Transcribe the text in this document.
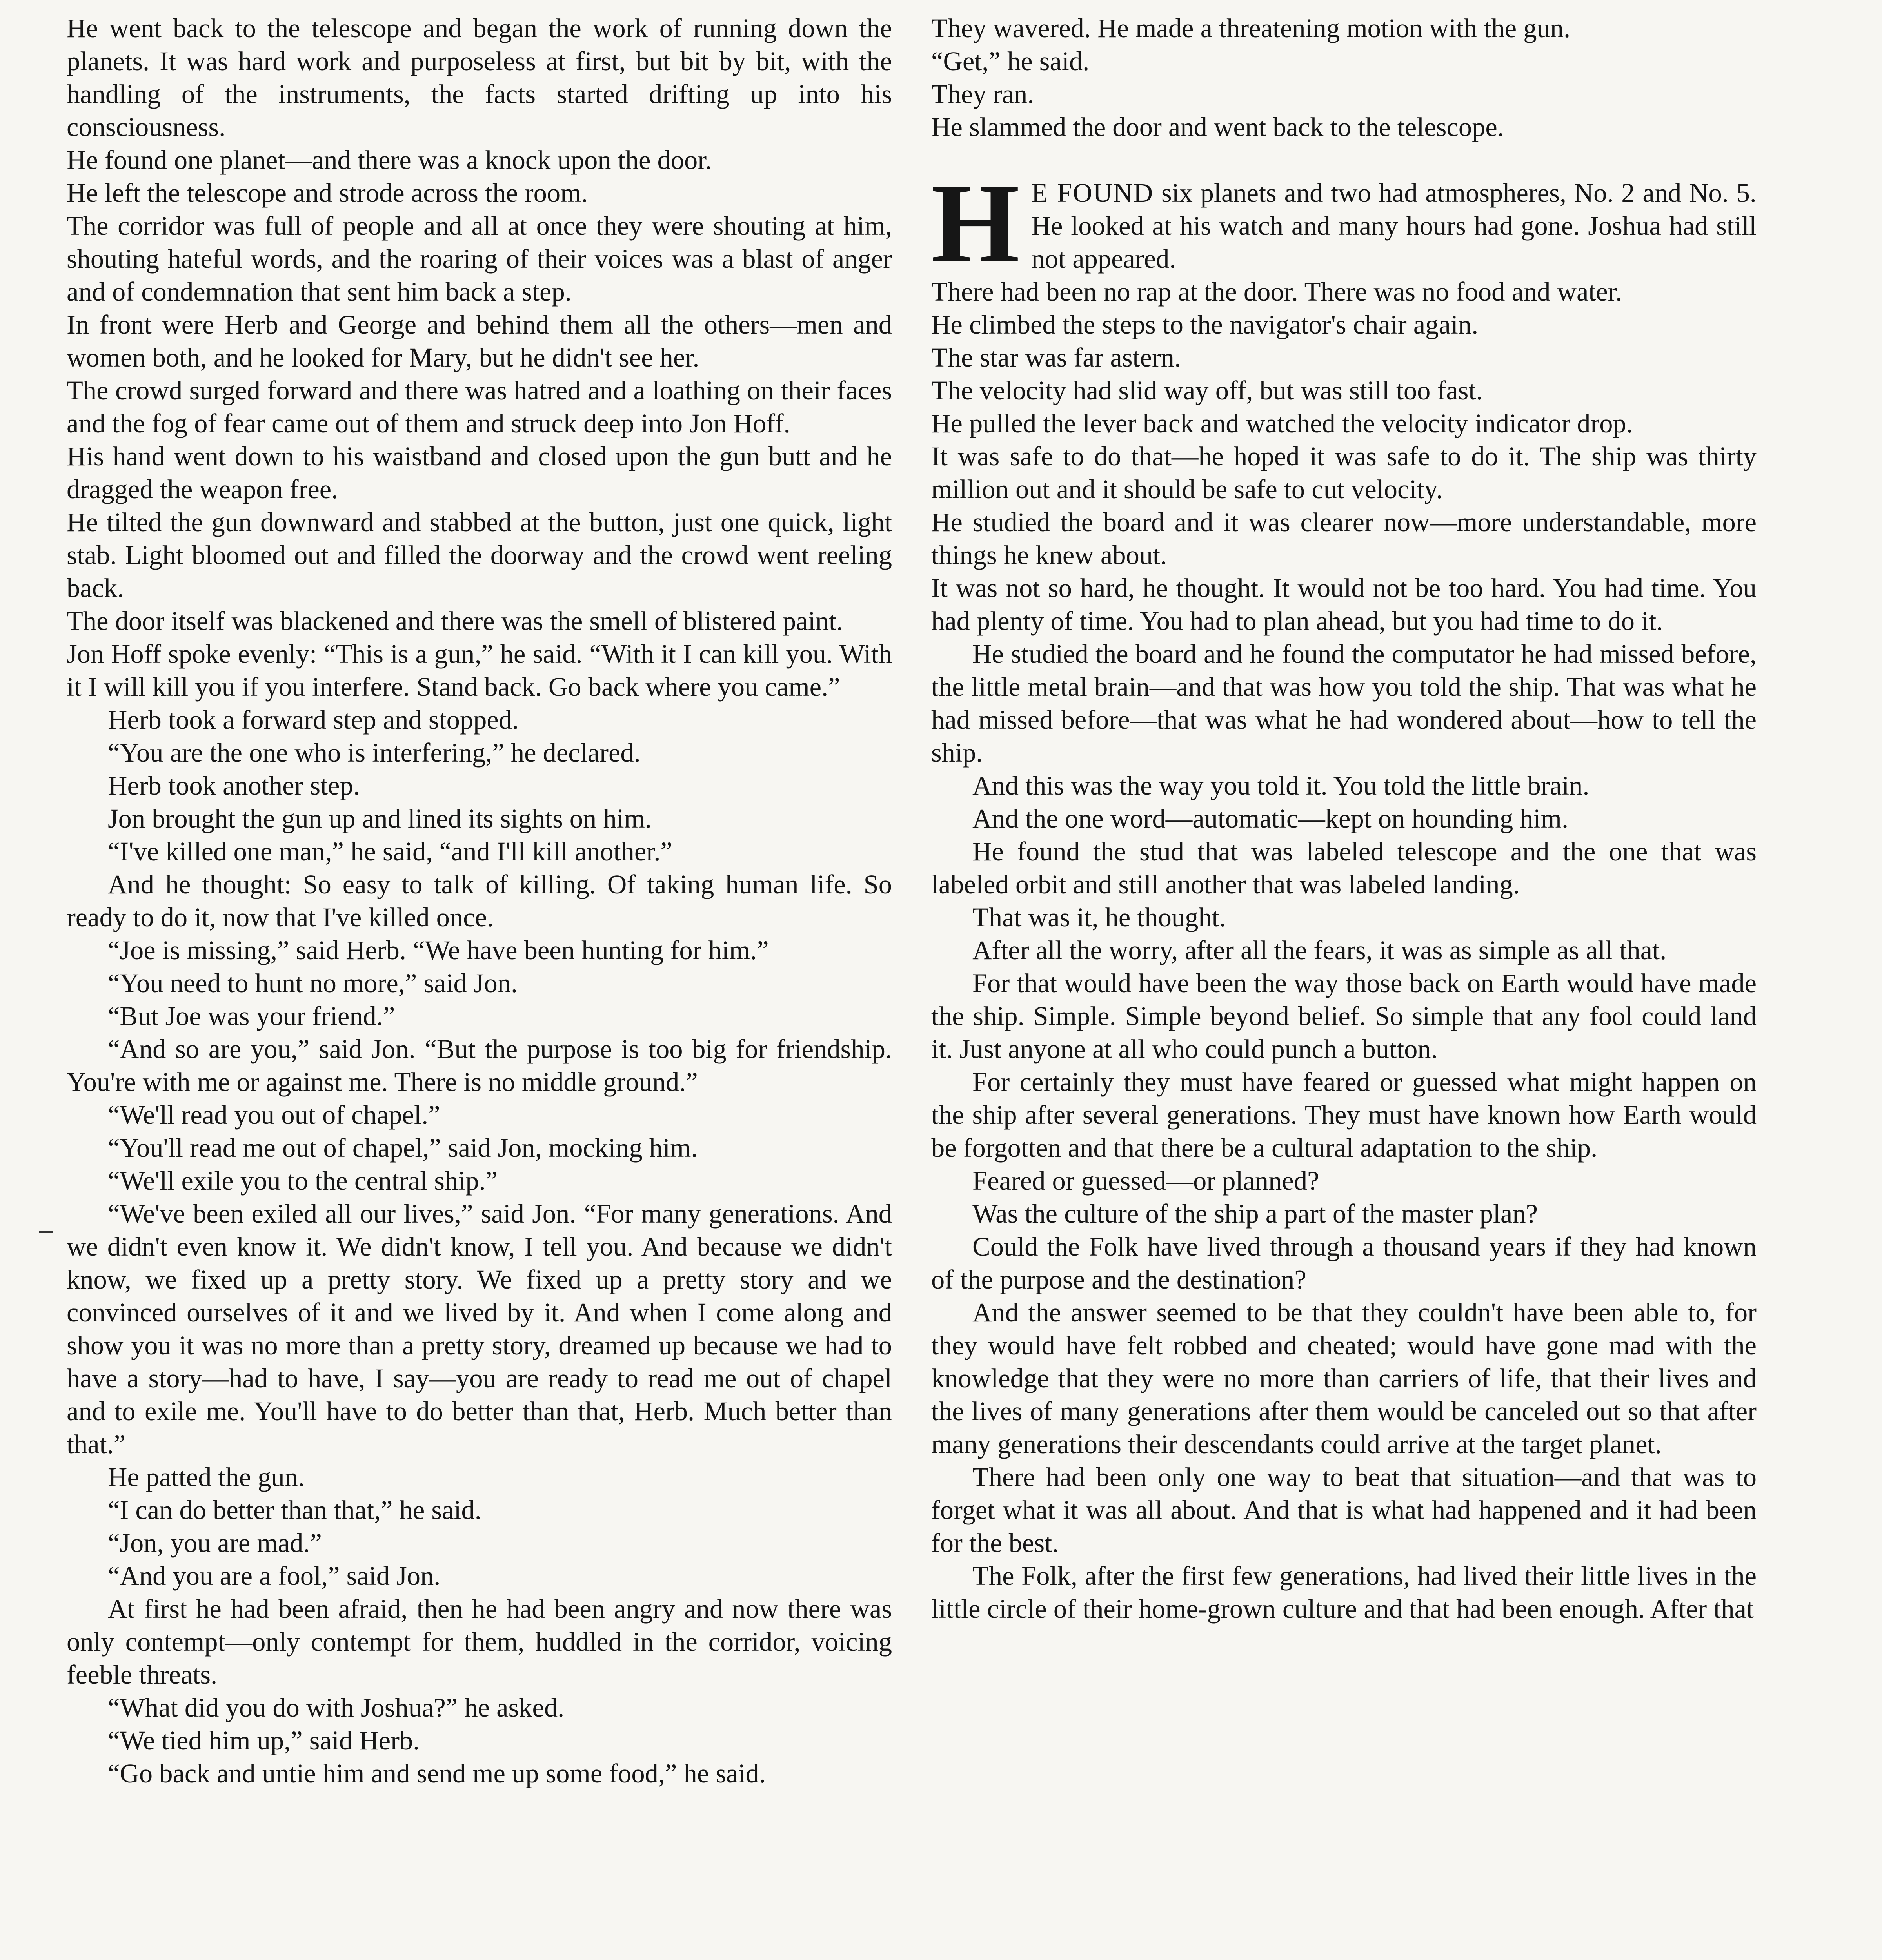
He went back to the telescope and began the work of running down the planets. It was hard work and purposeless at first, but bit by bit, with the handling of the instruments, the facts started drifting up into his consciousness.

He found one planet—and there was a knock upon the door.

He left the telescope and strode across the room.

The corridor was full of people and all at once they were shouting at him, shouting hateful words, and the roaring of their voices was a blast of anger and of condemnation that sent him back a step.

In front were Herb and George and behind them all the others—men and women both, and he looked for Mary, but he didn't see her.

The crowd surged forward and there was hatred and a loathing on their faces and the fog of fear came out of them and struck deep into Jon Hoff.

His hand went down to his waistband and closed upon the gun butt and he dragged the weapon free.

He tilted the gun downward and stabbed at the button, just one quick, light stab. Light bloomed out and filled the doorway and the crowd went reeling back.

The door itself was blackened and there was the smell of blistered paint.

Jon Hoff spoke evenly: “This is a gun,” he said. “With it I can kill you. With it I will kill you if you interfere. Stand back. Go back where you came.”

Herb took a forward step and stopped.

“You are the one who is interfering,” he declared.

Herb took another step.

Jon brought the gun up and lined its sights on him.

“I've killed one man,” he said, “and I'll kill another.”

And he thought: So easy to talk of killing. Of taking human life. So ready to do it, now that I've killed once.

“Joe is missing,” said Herb. “We have been hunting for him.”

“You need to hunt no more,” said Jon.

“But Joe was your friend.”

“And so are you,” said Jon. “But the purpose is too big for friendship. You're with me or against me. There is no middle ground.”

“We'll read you out of chapel.”

“You'll read me out of chapel,” said Jon, mocking him.

“We'll exile you to the central ship.”

“We've been exiled all our lives,” said Jon. “For many generations. And we didn't even know it. We didn't know, I tell you. And because we didn't know, we fixed up a pretty story. We fixed up a pretty story and we convinced ourselves of it and we lived by it. And when I come along and show you it was no more than a pretty story, dreamed up because we had to have a story—had to have, I say—you are ready to read me out of chapel and to exile me. You'll have to do better than that, Herb. Much better than that.”

He patted the gun.

“I can do better than that,” he said.

“Jon, you are mad.”

“And you are a fool,” said Jon.

At first he had been afraid, then he had been angry and now there was only contempt—only contempt for them, huddled in the corridor, voicing feeble threats.

“What did you do with Joshua?” he asked.

“We tied him up,” said Herb.

“Go back and untie him and send me up some food,” he said.

They wavered. He made a threatening motion with the gun.

“Get,” he said.

They ran.

He slammed the door and went back to the telescope.

H E FOUND six planets and two had atmospheres, No. 2 and No. 5. He looked at his watch and many hours had gone. Joshua had still not appeared.

There had been no rap at the door. There was no food and water.

He climbed the steps to the navigator's chair again.

The star was far astern.

The velocity had slid way off, but was still too fast.

He pulled the lever back and watched the velocity indicator drop.

It was safe to do that—he hoped it was safe to do it. The ship was thirty million out and it should be safe to cut velocity.

He studied the board and it was clearer now—more understandable, more things he knew about.

It was not so hard, he thought. It would not be too hard. You had time. You had plenty of time. You had to plan ahead, but you had time to do it.

He studied the board and he found the computator he had missed before, the little metal brain—and that was how you told the ship. That was what he had missed before—that was what he had wondered about—how to tell the ship.

And this was the way you told it. You told the little brain.

And the one word—automatic—kept on hounding him.

He found the stud that was labeled telescope and the one that was labeled orbit and still another that was labeled landing.

That was it, he thought.

After all the worry, after all the fears, it was as simple as all that.

For that would have been the way those back on Earth would have made the ship. Simple. Simple beyond belief. So simple that any fool could land it. Just anyone at all who could punch a button.

For certainly they must have feared or guessed what might happen on the ship after several generations. They must have known how Earth would be forgotten and that there be a cultural adaptation to the ship.

Feared or guessed—or planned?

Was the culture of the ship a part of the master plan?

Could the Folk have lived through a thousand years if they had known of the purpose and the destination?

And the answer seemed to be that they couldn't have been able to, for they would have felt robbed and cheated; would have gone mad with the knowledge that they were no more than carriers of life, that their lives and the lives of many generations after them would be canceled out so that after many generations their descendants could arrive at the target planet.

There had been only one way to beat that situation—and that was to forget what it was all about. And that is what had happened and it had been for the best.

The Folk, after the first few generations, had lived their little lives in the little circle of their home-grown culture and that had been enough. After that
